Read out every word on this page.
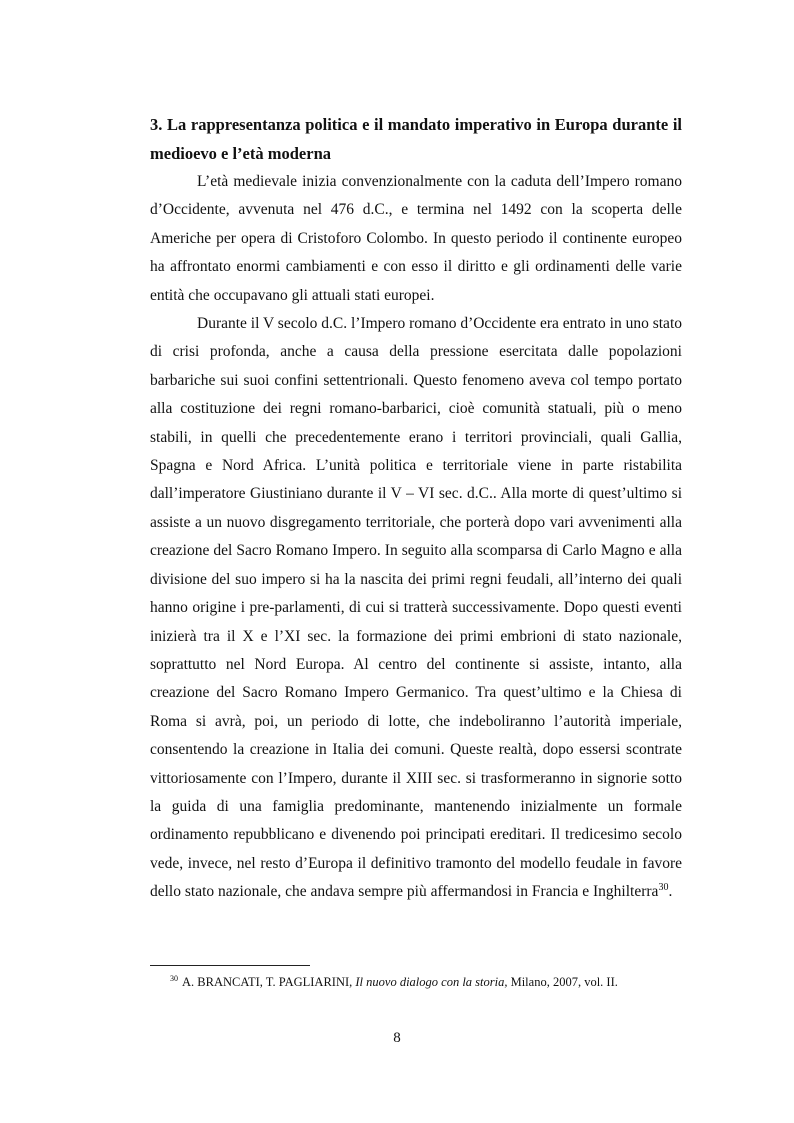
3. La rappresentanza politica e il mandato imperativo in Europa durante il medioevo e l’età moderna

L’età medievale inizia convenzionalmente con la caduta dell’Impero romano d’Occidente, avvenuta nel 476 d.C., e termina nel 1492 con la scoperta delle Americhe per opera di Cristoforo Colombo. In questo periodo il continente europeo ha affrontato enormi cambiamenti e con esso il diritto e gli ordinamenti delle varie entità che occupavano gli attuali stati europei.

Durante il V secolo d.C. l’Impero romano d’Occidente era entrato in uno stato di crisi profonda, anche a causa della pressione esercitata dalle popolazioni barbariche sui suoi confini settentrionali. Questo fenomeno aveva col tempo portato alla costituzione dei regni romano-barbarici, cioè comunità statuali, più o meno stabili, in quelli che precedentemente erano i territori provinciali, quali Gallia, Spagna e Nord Africa. L’unità politica e territoriale viene in parte ristabilita dall’imperatore Giustiniano durante il V – VI sec. d.C.. Alla morte di quest’ultimo si assiste a un nuovo disgregamento territoriale, che porterà dopo vari avvenimenti alla creazione del Sacro Romano Impero. In seguito alla scomparsa di Carlo Magno e alla divisione del suo impero si ha la nascita dei primi regni feudali, all’interno dei quali hanno origine i pre-parlamenti, di cui si tratterà successivamente. Dopo questi eventi inizierà tra il X e l’XI sec. la formazione dei primi embrioni di stato nazionale, soprattutto nel Nord Europa. Al centro del continente si assiste, intanto, alla creazione del Sacro Romano Impero Germanico. Tra quest’ultimo e la Chiesa di Roma si avrà, poi, un periodo di lotte, che indeboliranno l’autorità imperiale, consentendo la creazione in Italia dei comuni. Queste realtà, dopo essersi scontrate vittoriosamente con l’Impero, durante il XIII sec. si trasformeranno in signorie sotto la guida di una famiglia predominante, mantenendo inizialmente un formale ordinamento repubblicano e divenendo poi principati ereditari. Il tredicesimo secolo vede, invece, nel resto d’Europa il definitivo tramonto del modello feudale in favore dello stato nazionale, che andava sempre più affermandosi in Francia e Inghilterra$^{30}$.

$^{30}$ A. BRANCATI, T. PAGLIARINI, Il nuovo dialogo con la storia, Milano, 2007, vol. II.
8
